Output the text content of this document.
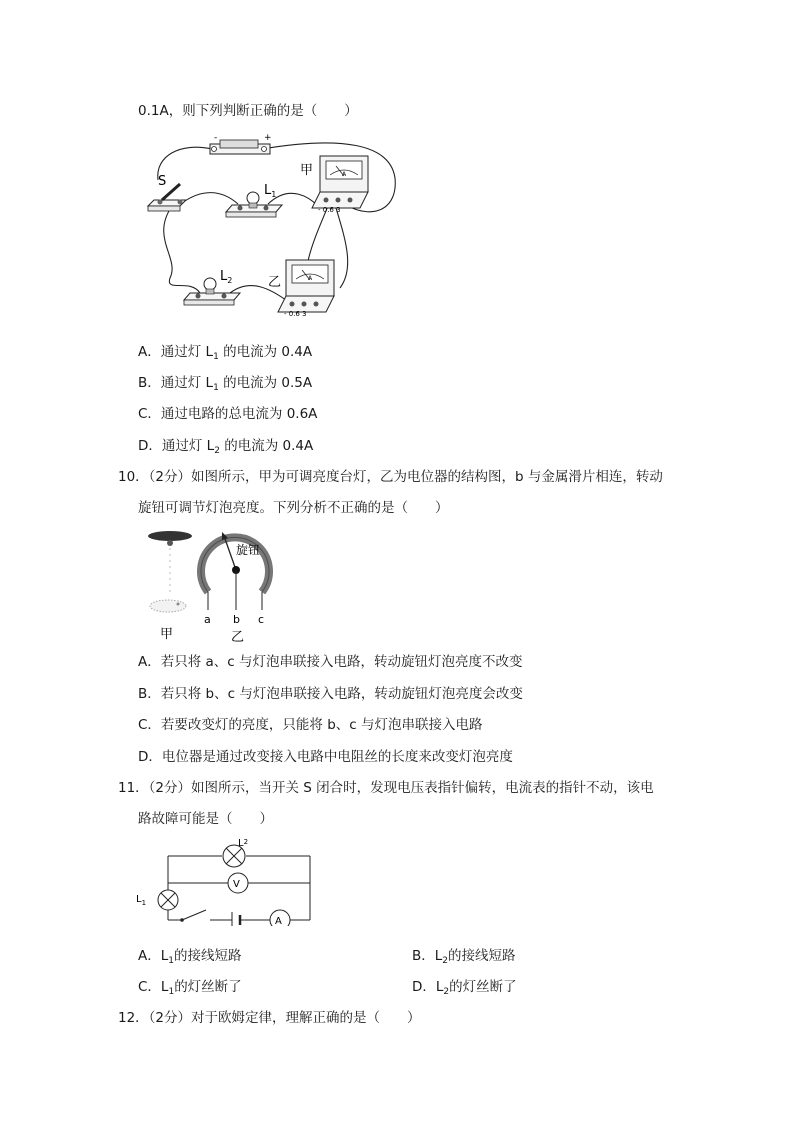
0.1A，则下列判断正确的是（　　）
-	+
S
$L_1$
A
- 0.6 3
甲
$L_2$	A
- 0.6 3
乙
A．通过灯 $L_1$ 的电流为 0.4A
B．通过灯 $L_1$ 的电流为 0.5A
C．通过电路的总电流为 0.6A
D．通过灯 $L_2$ 的电流为 0.4A
10．（2分）如图所示，甲为可调亮度台灯，乙为电位器的结构图，b 与金属滑片相连，转动
旋钮可调节灯泡亮度。下列分析不正确的是（　　）
甲
旋钮
a b c
乙
A．若只将 a、c 与灯泡串联接入电路，转动旋钮灯泡亮度不改变
B．若只将 b、c 与灯泡串联接入电路，转动旋钮灯泡亮度会改变
C．若要改变灯的亮度，只能将 b、c 与灯泡串联接入电路
D．电位器是通过改变接入电路中电阻丝的长度来改变灯泡亮度
11．（2分）如图所示，当开关 S 闭合时，发现电压表指针偏转，电流表的指针不动，该电
路故障可能是（　　）
$L^2$
V
$L_1$
A
A．$L_1$的接线短路	B．$L_2$的接线短路
C．$L_1$的灯丝断了	D．$L_2$的灯丝断了
12．（2分）对于欧姆定律，理解正确的是（　　）
